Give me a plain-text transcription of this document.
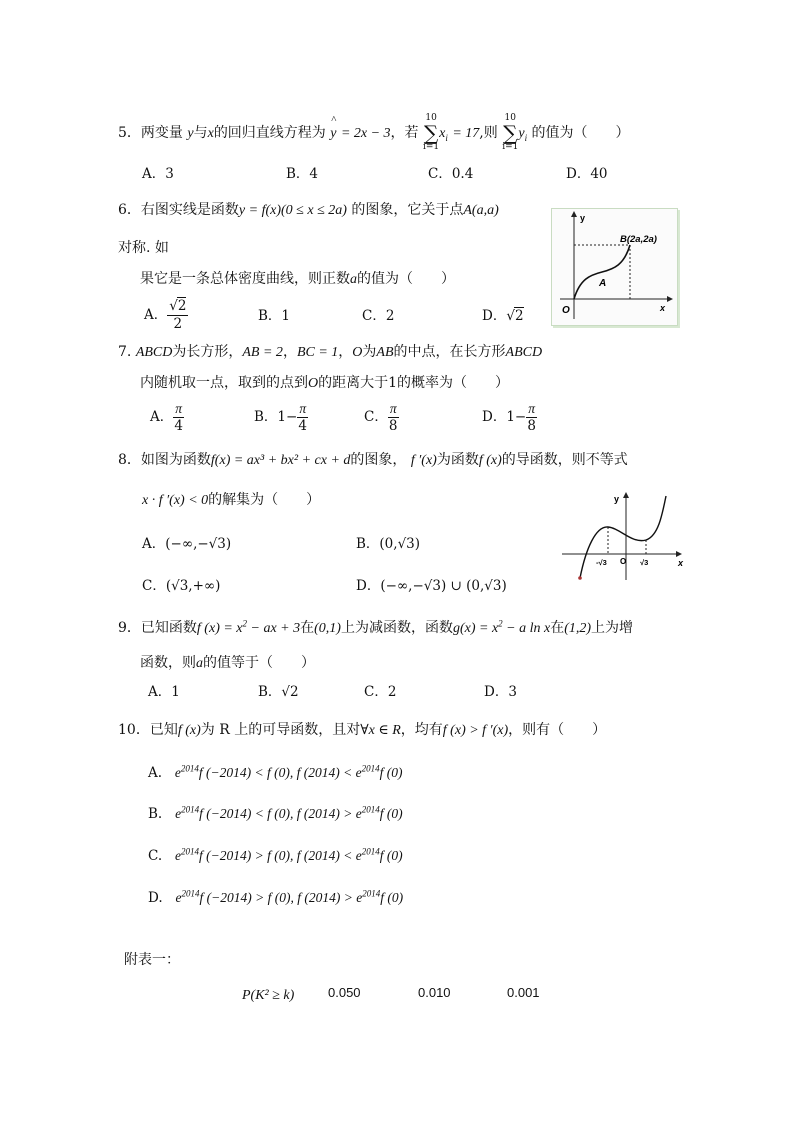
5．两变量 y与x的回归直线方程为 y
^
= 2x − 3，若
10
∑
i=1
$x_i = 17$,则
10
∑
i=1
$y_i$ 的值为（　　）
A．3	B．4	C．0.4	D．40
6．右图实线是函数y = f(x)(0 ≤ x ≤ 2a) 的图象，它关于点A(a,a)
对称. 如
果它是一条总体密度曲线，则正数a的值为（　　）
A． $\frac{√2}{2}$	B．1	C．2	D．√2
y
x
O
A
B(2a,2a)
7. ABCD为长方形，AB = 2，BC = 1，O为AB的中点，在长方形ABCD
内随机取一点，取到的点到O的距离大于1的概率为（　　）
A． $\frac{\pi}{4}$	B．$1- \frac{\pi}{4}$	C． $\frac{\pi}{8}$	D．$1- \frac{\pi}{8}$
8．如图为函数f(x) = ax³ + bx² + cx + d的图象， f ′(x)为函数f (x)的导函数，则不等式
x · f ′(x) < 0的解集为（　　）
A．(−∞,−√3)	B．(0,√3)
C．(√3,+∞)	D．(−∞,−√3) ∪ (0,√3)
y
x
O
-√3	√3
9．已知函数f $(x) = x^2$ − ax + 3在(0,1)上为减函数，函数$g(x) = x^2 - a$ ln x在(1,2)上为增
函数，则a的值等于（　　）
A．1	B．√2	C．2	D．3
10．已知f (x)为 R 上的可导函数，且对∀x ∈ R，均有f (x) > f ′(x)，则有（　　）
A. $e^{2014}f$ (−2014) < f (0), f $(2014) < e^{2014}f$ (0)
B. $e^{2014}f$ (−2014) < f (0), f $(2014) > e^{2014}f$ (0)
C. $e^{2014}f$ (−2014) > f (0), f $(2014) < e^{2014}f$ (0)
D. $e^{2014}f$ (−2014) > f (0), f $(2014) > e^{2014}f$ (0)
附表一：
P(K² ≥ k)	0.050	0.010	0.001
